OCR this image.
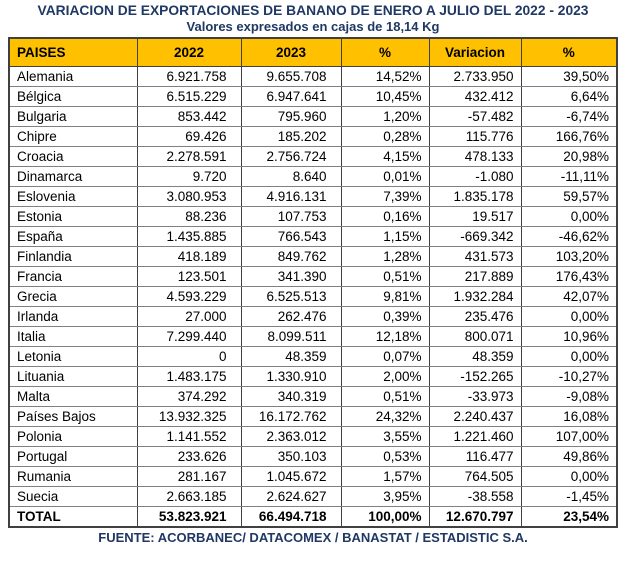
VARIACION DE EXPORTACIONES DE BANANO DE ENERO A JULIO DEL 2022 - 2023
Valores expresados en cajas de 18,14 Kg
PAISES	2022	2023	%	Variacion	%
Alemania	6.921.758	9.655.708	14,52%	2.733.950	39,50%
Bélgica	6.515.229	6.947.641	10,45%	432.412	6,64%
Bulgaria	853.442	795.960	1,20%	-57.482	-6,74%
Chipre	69.426	185.202	0,28%	115.776	166,76%
Croacia	2.278.591	2.756.724	4,15%	478.133	20,98%
Dinamarca	9.720	8.640	0,01%	-1.080	-11,11%
Eslovenia	3.080.953	4.916.131	7,39%	1.835.178	59,57%
Estonia	88.236	107.753	0,16%	19.517	0,00%
España	1.435.885	766.543	1,15%	-669.342	-46,62%
Finlandia	418.189	849.762	1,28%	431.573	103,20%
Francia	123.501	341.390	0,51%	217.889	176,43%
Grecia	4.593.229	6.525.513	9,81%	1.932.284	42,07%
Irlanda	27.000	262.476	0,39%	235.476	0,00%
Italia	7.299.440	8.099.511	12,18%	800.071	10,96%
Letonia	0	48.359	0,07%	48.359	0,00%
Lituania	1.483.175	1.330.910	2,00%	-152.265	-10,27%
Malta	374.292	340.319	0,51%	-33.973	-9,08%
Países Bajos	13.932.325	16.172.762	24,32%	2.240.437	16,08%
Polonia	1.141.552	2.363.012	3,55%	1.221.460	107,00%
Portugal	233.626	350.103	0,53%	116.477	49,86%
Rumania	281.167	1.045.672	1,57%	764.505	0,00%
Suecia	2.663.185	2.624.627	3,95%	-38.558	-1,45%
TOTAL	53.823.921	66.494.718	100,00%	12.670.797	23,54%
FUENTE: ACORBANEC/ DATACOMEX / BANASTAT / ESTADISTIC S.A.
